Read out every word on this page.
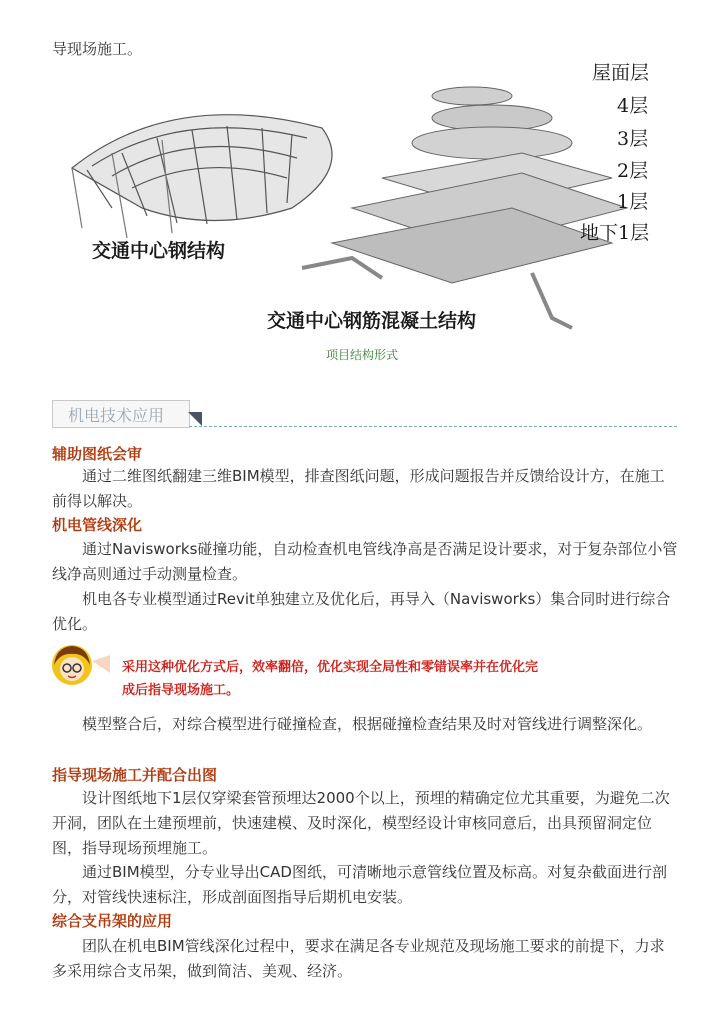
导现场施工。
屋面层
4层
3层
2层
1层
地下1层
交通中心钢结构
交通中心钢筋混凝土结构
项目结构形式
机电技术应用
辅助图纸会审

通过二维图纸翻建三维BIM模型，排查图纸问题，形成问题报告并反馈给设计方，在施工前得以解决。

机电管线深化

通过Navisworks碰撞功能，自动检查机电管线净高是否满足设计要求，对于复杂部位小管线净高则通过手动测量检查。

机电各专业模型通过Revit单独建立及优化后，再导入（Navisworks）集合同时进行综合优化。

采用这种优化方式后，效率翻倍，优化实现全局性和零错误率并在优化完成后指导现场施工。

模型整合后，对综合模型进行碰撞检查，根据碰撞检查结果及时对管线进行调整深化。

指导现场施工并配合出图

设计图纸地下1层仅穿梁套管预埋达2000个以上，预埋的精确定位尤其重要，为避免二次开洞，团队在土建预埋前，快速建模、及时深化，模型经设计审核同意后，出具预留洞定位图，指导现场预埋施工。

通过BIM模型，分专业导出CAD图纸，可清晰地示意管线位置及标高。对复杂截面进行剖分，对管线快速标注，形成剖面图指导后期机电安装。

综合支吊架的应用

团队在机电BIM管线深化过程中，要求在满足各专业规范及现场施工要求的前提下，力求多采用综合支吊架，做到简洁、美观、经济。
